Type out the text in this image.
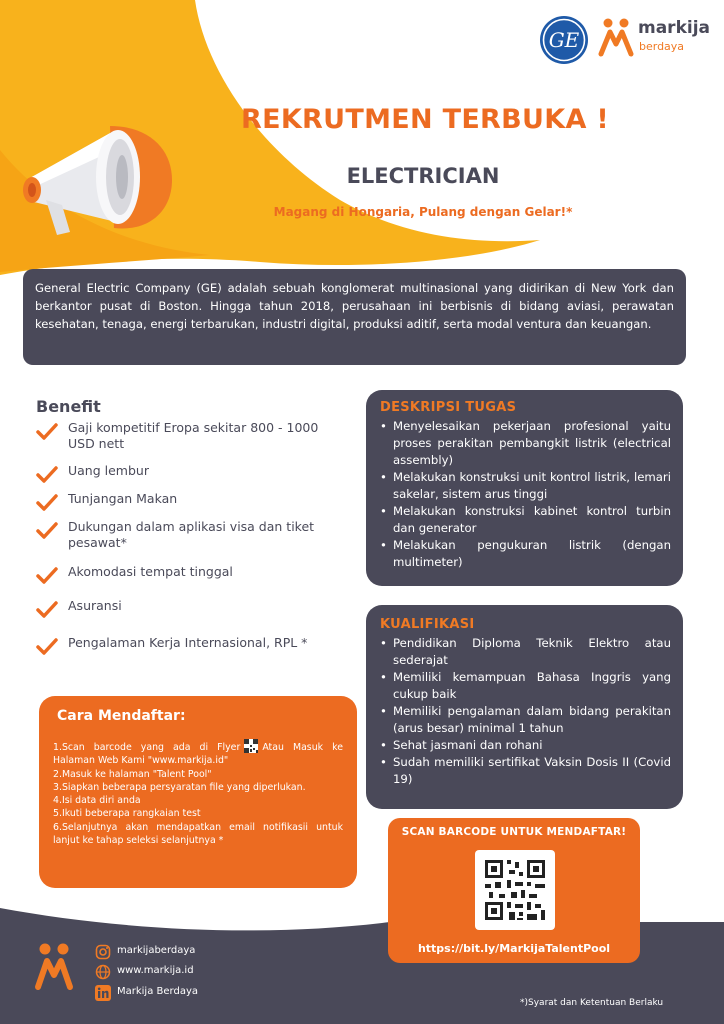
GE	markija
berdaya
REKRUTMEN TERBUKA !
ELECTRICIAN

Magang di Hongaria, Pulang dengan Gelar!*

General Electric Company (GE) adalah sebuah konglomerat multinasional yang didirikan di New York dan berkantor pusat di Boston. Hingga tahun 2018, perusahaan ini berbisnis di bidang aviasi, perawatan kesehatan, tenaga, energi terbarukan, industri digital, produksi aditif, serta modal ventura dan keuangan.

Benefit
Gaji kompetitif Eropa sekitar 800 - 1000 USD nett
Uang lembur
Tunjangan Makan
Dukungan dalam aplikasi visa dan tiket pesawat*
Akomodasi tempat tinggal
Asuransi
Pengalaman Kerja Internasional, RPL *
DESKRIPSI TUGAS
• Menyelesaikan pekerjaan profesional yaitu proses perakitan pembangkit listrik (electrical assembly)
• Melakukan konstruksi unit kontrol listrik, lemari sakelar, sistem arus tinggi
• Melakukan konstruksi kabinet kontrol turbin dan generator
• Melakukan pengukuran listrik (dengan multimeter)
KUALIFIKASI
• Pendidikan Diploma Teknik Elektro atau sederajat
• Memiliki kemampuan Bahasa Inggris yang cukup baik
• Memiliki pengalaman dalam bidang perakitan (arus besar) minimal 1 tahun
• Sehat jasmani dan rohani
• Sudah memiliki sertifikat Vaksin Dosis II (Covid 19)
Cara Mendaftar:
1.Scan barcode yang ada di Flyer Atau Masuk ke Halaman Web Kami "www.markija.id"
2.Masuk ke halaman "Talent Pool"
3.Siapkan beberapa persyaratan file yang diperlukan.
4.Isi data diri anda
5.Ikuti beberapa rangkaian test
6.Selanjutnya akan mendapatkan email notifikasii untuk lanjut ke tahap seleksi selanjutnya *
SCAN BARCODE UNTUK MENDAFTAR!
https://bit.ly/MarkijaTalentPool
markijaberdaya
www.markija.id
Markija Berdaya

*)Syarat dan Ketentuan Berlaku
